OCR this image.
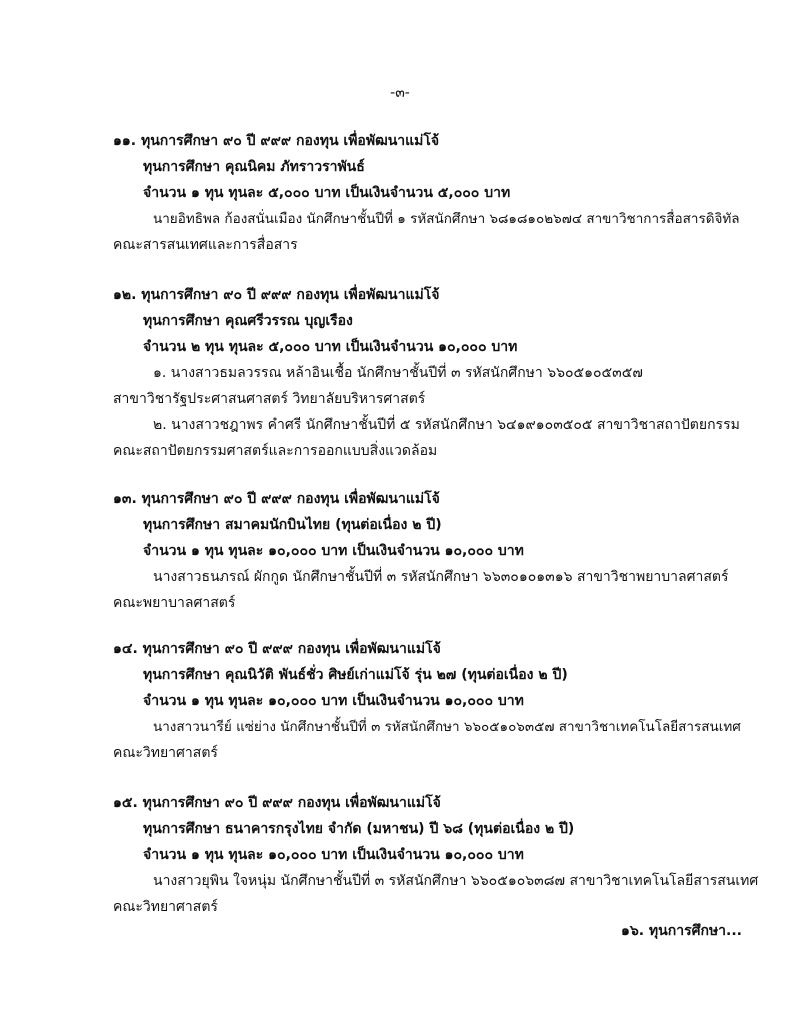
-๓-
๑๑. ทุนการศึกษา ๙๐ ปี ๙๙๙ กองทุน เพื่อพัฒนาแม่โจ้
ทุนการศึกษา คุณนิคม ภัทราวราพันธ์
จำนวน ๑ ทุน ทุนละ ๕,๐๐๐ บาท เป็นเงินจำนวน ๕,๐๐๐ บาท
นายอิทธิพล ก้องสนั่นเมือง นักศึกษาชั้นปีที่ ๑ รหัสนักศึกษา ๖๘๑๘๑๐๒๖๗๔ สาขาวิชาการสื่อสารดิจิทัล
คณะสารสนเทศและการสื่อสาร
๑๒. ทุนการศึกษา ๙๐ ปี ๙๙๙ กองทุน เพื่อพัฒนาแม่โจ้
ทุนการศึกษา คุณศรีวรรณ บุญเรือง
จำนวน ๒ ทุน ทุนละ ๕,๐๐๐ บาท เป็นเงินจำนวน ๑๐,๐๐๐ บาท
๑. นางสาวธมลวรรณ หล้าอินเชื้อ นักศึกษาชั้นปีที่ ๓ รหัสนักศึกษา ๖๖๐๕๑๐๕๓๕๗
สาขาวิชารัฐประศาสนศาสตร์ วิทยาลัยบริหารศาสตร์
๒. นางสาวชฎาพร คำศรี นักศึกษาชั้นปีที่ ๕ รหัสนักศึกษา ๖๔๑๙๑๐๓๕๐๕ สาขาวิชาสถาปัตยกรรม
คณะสถาปัตยกรรมศาสตร์และการออกแบบสิ่งแวดล้อม
๑๓. ทุนการศึกษา ๙๐ ปี ๙๙๙ กองทุน เพื่อพัฒนาแม่โจ้
ทุนการศึกษา สมาคมนักบินไทย (ทุนต่อเนื่อง ๒ ปี)
จำนวน ๑ ทุน ทุนละ ๑๐,๐๐๐ บาท เป็นเงินจำนวน ๑๐,๐๐๐ บาท
นางสาวธนภรณ์ ผักกูด นักศึกษาชั้นปีที่ ๓ รหัสนักศึกษา ๖๖๓๐๑๐๑๓๑๖ สาขาวิชาพยาบาลศาสตร์
คณะพยาบาลศาสตร์
๑๔. ทุนการศึกษา ๙๐ ปี ๙๙๙ กองทุน เพื่อพัฒนาแม่โจ้
ทุนการศึกษา คุณนิวัติ พันธ์ชั่ว ศิษย์เก่าแม่โจ้ รุ่น ๒๗ (ทุนต่อเนื่อง ๒ ปี)
จำนวน ๑ ทุน ทุนละ ๑๐,๐๐๐ บาท เป็นเงินจำนวน ๑๐,๐๐๐ บาท
นางสาวนารีย์ แซ่ย่าง นักศึกษาชั้นปีที่ ๓ รหัสนักศึกษา ๖๖๐๕๑๐๖๓๕๗ สาขาวิชาเทคโนโลยีสารสนเทศ
คณะวิทยาศาสตร์
๑๕. ทุนการศึกษา ๙๐ ปี ๙๙๙ กองทุน เพื่อพัฒนาแม่โจ้
ทุนการศึกษา ธนาคารกรุงไทย จำกัด (มหาชน) ปี ๖๘ (ทุนต่อเนื่อง ๒ ปี)
จำนวน ๑ ทุน ทุนละ ๑๐,๐๐๐ บาท เป็นเงินจำนวน ๑๐,๐๐๐ บาท
นางสาวยุพิน ใจหนุ่ม นักศึกษาชั้นปีที่ ๓ รหัสนักศึกษา ๖๖๐๕๑๐๖๓๘๗ สาขาวิชาเทคโนโลยีสารสนเทศ
คณะวิทยาศาสตร์
๑๖. ทุนการศึกษา...
